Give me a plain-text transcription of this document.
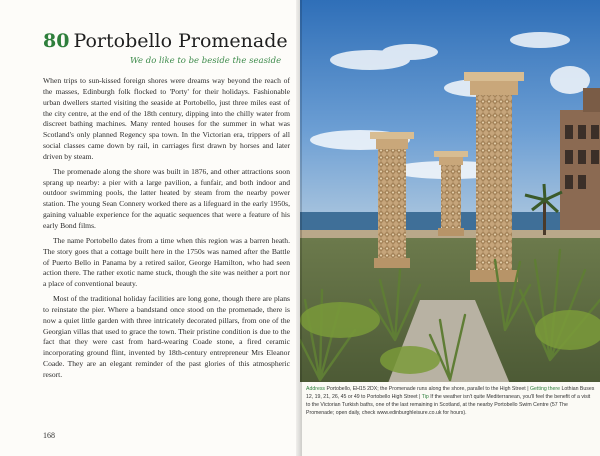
80 Portobello Promenade
We do like to be beside the seaside

When trips to sun-kissed foreign shores were dreams way beyond the reach of the masses, Edinburgh folk flocked to 'Porty' for their holidays. Fashionable urban dwellers started visiting the seaside at Portobello, just three miles east of the city centre, at the end of the 18th century, dipping into the chilly water from discreet bathing machines. Many rented houses for the summer in what was Scotland's only planned Regency spa town. In the Victorian era, trippers of all social classes came down by rail, in carriages first drawn by horses and later driven by steam.

The promenade along the shore was built in 1876, and other attractions soon sprang up nearby: a pier with a large pavilion, a funfair, and both indoor and outdoor swimming pools, the latter heated by steam from the nearby power station. The young Sean Connery worked there as a lifeguard in the early 1950s, gaining valuable experience for the aquatic sequences that were a feature of his early Bond films.

The name Portobello dates from a time when this region was a barren heath. The story goes that a cottage built here in the 1750s was named after the Battle of Puerto Bello in Panama by a retired sailor, George Hamilton, who had seen action there. The rather exotic name stuck, though the site was neither a port nor a place of conventional beauty.

Most of the traditional holiday facilities are long gone, though there are plans to reinstate the pier. Where a bandstand once stood on the promenade, there is now a quiet little garden with three intricately decorated pillars, from one of the Georgian villas that used to grace the town. Their pristine condition is due to the fact that they were cast from hard-wearing Coade stone, a fired ceramic incorporating ground flint, invented by 18th-century entrepreneur Mrs Eleanor Coade. They are an elegant reminder of the past glories of this atmospheric resort.

168
Address Portobello, EH15 2DX; the Promenade runs along the shore, parallel to the High Street | Getting there Lothian Buses 12, 19, 21, 26, 45 or 49 to Portobello High Street | Tip If the weather isn't quite Mediterranean, you'll feel the benefit of a visit to the Victorian Turkish baths, one of the last remaining in Scotland, at the nearby Portobello Swim Centre (57 The Promenade; open daily, check www.edinburghleisure.co.uk for hours).
